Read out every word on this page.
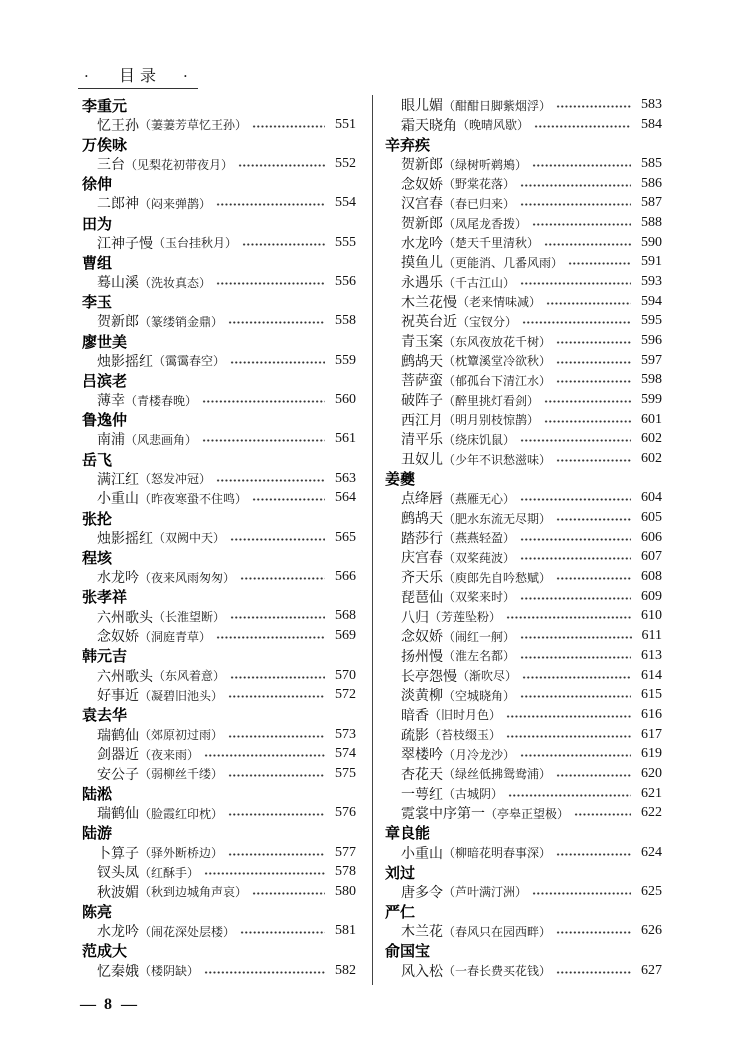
· 目录 ·
李重元
忆王孙 （萋萋芳草忆王孙）	551
万俟咏
三台 （见梨花初带夜月）	552
徐伸
二郎神 （闷来弹鹊）	554
田为
江神子慢 （玉台挂秋月）	555
曹组
蓦山溪 （洗妆真态）	556
李玉
贺新郎 （篆缕销金鼎）	558
廖世美
烛影摇红 （霭霭春空）	559
吕滨老
薄幸 （青楼春晚）	560
鲁逸仲
南浦 （风悲画角）	561
岳飞
满江红 （怒发冲冠）	563
小重山 （昨夜寒蛩不住鸣）	564
张抡
烛影摇红 （双阙中天）	565
程垓
水龙吟 （夜来风雨匆匆）	566
张孝祥
六州歌头 （长淮望断）	568
念奴娇 （洞庭青草）	569
韩元吉
六州歌头 （东风着意）	570
好事近 （凝碧旧池头）	572
袁去华
瑞鹤仙 （郊原初过雨）	573
剑器近 （夜来雨）	574
安公子 （弱柳丝千缕）	575
陆淞
瑞鹤仙 （脸霞红印枕）	576
陆游
卜算子 （驿外断桥边）	577
钗头凤 （红酥手）	578
秋波媚 （秋到边城角声哀）	580
陈亮
水龙吟 （闹花深处层楼）	581
范成大
忆秦娥 （楼阴缺）	582
眼儿媚 （酣酣日脚紫烟浮）	583
霜天晓角 （晚晴风歇）	584
辛弃疾
贺新郎 （绿树听鹈鴂）	585
念奴娇 （野棠花落）	586
汉宫春 （春已归来）	587
贺新郎 （凤尾龙香拨）	588
水龙吟 （楚天千里清秋）	590
摸鱼儿 （更能消、几番风雨）	591
永遇乐 （千古江山）	593
木兰花慢 （老来情味减）	594
祝英台近 （宝钗分）	595
青玉案 （东风夜放花千树）	596
鹧鸪天 （枕簟溪堂冷欲秋）	597
菩萨蛮 （郁孤台下清江水）	598
破阵子 （醉里挑灯看剑）	599
西江月 （明月别枝惊鹊）	601
清平乐 （绕床饥鼠）	602
丑奴儿 （少年不识愁滋味）	602
姜夔
点绛唇 （燕雁无心）	604
鹧鸪天 （肥水东流无尽期）	605
踏莎行 （燕燕轻盈）	606
庆宫春 （双桨莼波）	607
齐天乐 （庾郎先自吟愁赋）	608
琵琶仙 （双桨来时）	609
八归 （芳莲坠粉）	610
念奴娇 （闹红一舸）	611
扬州慢 （淮左名都）	613
长亭怨慢 （渐吹尽）	614
淡黄柳 （空城晓角）	615
暗香 （旧时月色）	616
疏影 （苔枝缀玉）	617
翠楼吟 （月冷龙沙）	619
杏花天 （绿丝低拂鸳鸯浦）	620
一萼红 （古城阴）	621
霓裳中序第一 （亭皋正望极）	622
章良能
小重山 （柳暗花明春事深）	624
刘过
唐多令 （芦叶满汀洲）	625
严仁
木兰花 （春风只在园西畔）	626
俞国宝
风入松 （一春长费买花钱）	627
— 8 —
